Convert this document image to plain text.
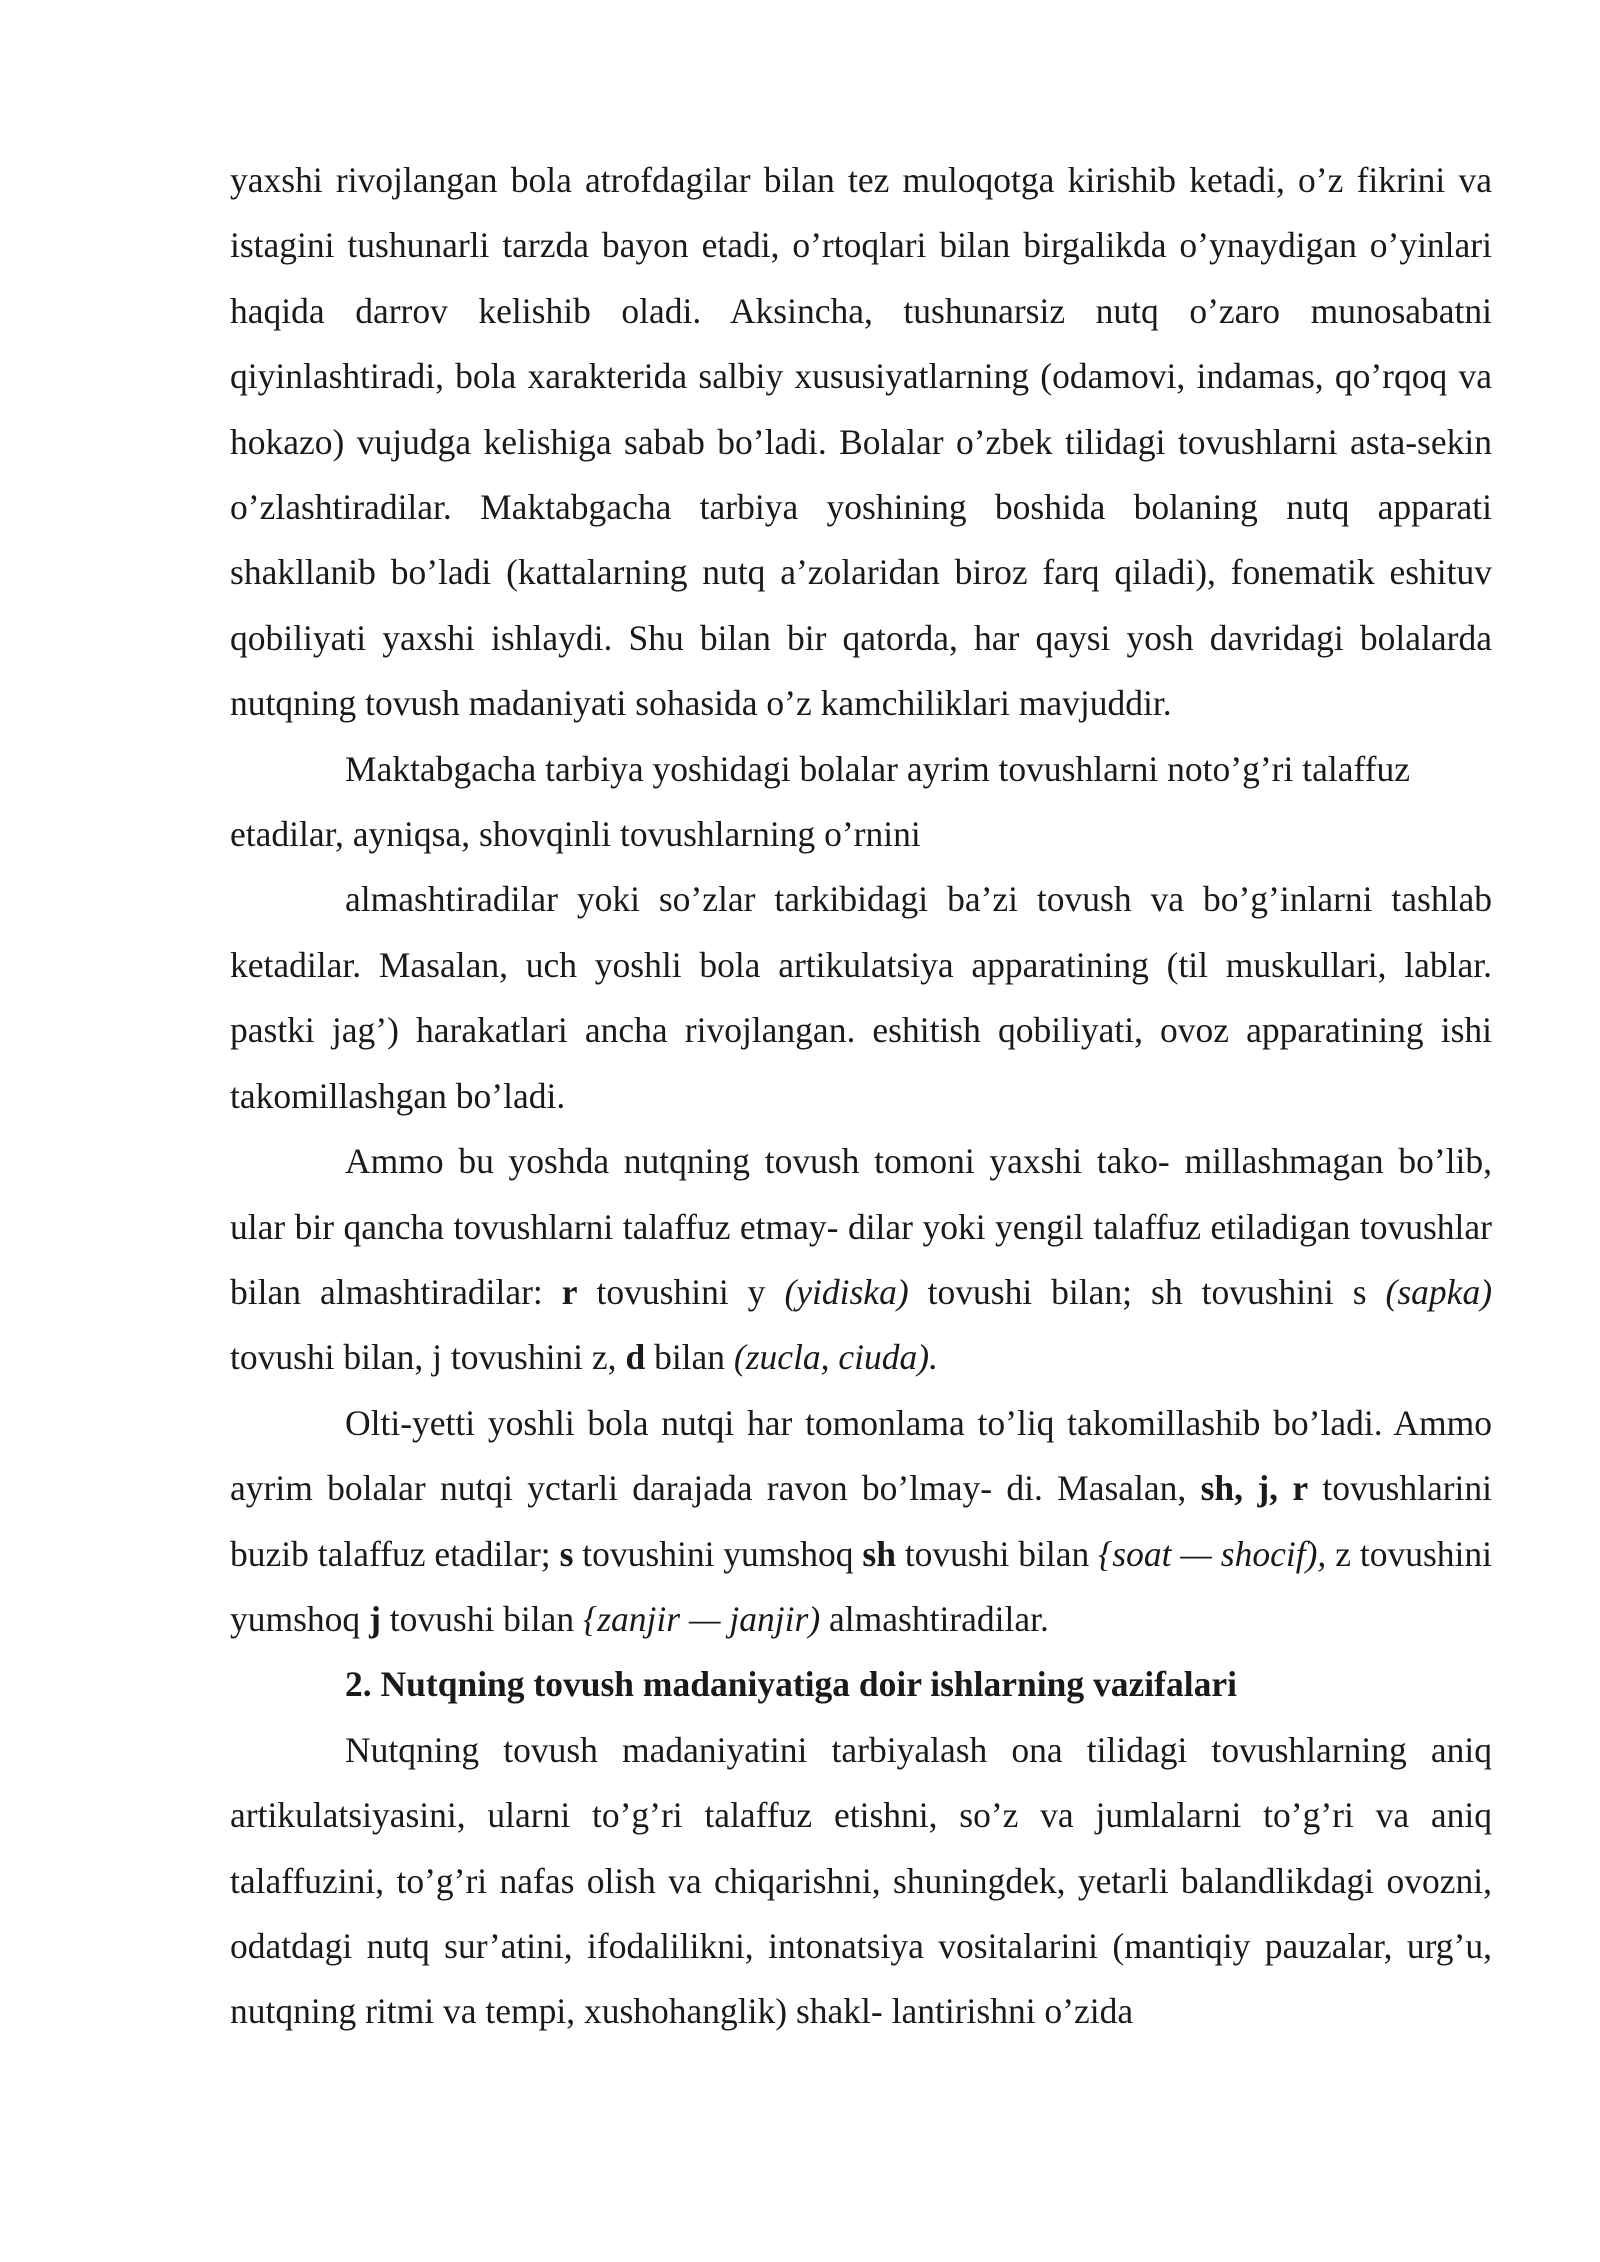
yaxshi rivojlangan bola atrofdagilar bilan tez muloqotga kirishib ketadi, o’z fikrini va istagini tushunarli tarzda bayon etadi, o’rtoqlari bilan birgalikda o’ynaydigan o’yinlari haqida darrov kelishib oladi. Aksincha, tushunarsiz nutq o’zaro munosabatni qiyinlashtiradi, bola xarakterida salbiy xususiyatlarning (odamovi, indamas, qo’rqoq va hokazo) vujudga kelishiga sabab bo’ladi. Bolalar o’zbek tilidagi tovushlarni asta-sekin o’zlashtiradilar. Maktabgacha tarbiya yoshining boshida bolaning nutq apparati shakllanib bo’ladi (kattalarning nutq a’zolaridan biroz farq qiladi), fonematik eshituv qobiliyati yaxshi ishlaydi. Shu bilan bir qatorda, har qaysi yosh davridagi bolalarda nutqning tovush madaniyati sohasida o’z kamchiliklari mavjuddir.

Maktabgacha tarbiya yoshidagi bolalar ayrim tovushlarni noto’g’ri talaffuz etadilar, ayniqsa, shovqinli tovushlarning o’rnini

almashtiradilar yoki so’zlar tarkibidagi ba’zi tovush va bo’g’inlarni tashlab ketadilar. Masalan, uch yoshli bola artikulatsiya apparatining (til muskullari, lablar. pastki jag’) harakatlari ancha rivojlangan. eshitish qobiliyati, ovoz apparatining ishi takomillashgan bo’ladi.

Ammo bu yoshda nutqning tovush tomoni yaxshi tako- millashmagan bo’lib, ular bir qancha tovushlarni talaffuz etmay- dilar yoki yengil talaffuz etiladigan tovushlar bilan almashtiradilar: r tovushini y (yidiska) tovushi bilan; sh tovushini s (sapka) tovushi bilan, j tovushini z, d bilan (zucla, ciuda).

Olti-yetti yoshli bola nutqi har tomonlama to’liq takomillashib bo’ladi. Ammo ayrim bolalar nutqi yctarli darajada ravon bo’lmay- di. Masalan, sh, j, r tovushlarini buzib talaffuz etadilar; s tovushini yumshoq sh tovushi bilan {soat — shocif), z tovushini yumshoq j tovushi bilan {zanjir — janjir) almashtiradilar.

2. Nutqning tovush madaniyatiga doir ishlarning vazifalari

Nutqning tovush madaniyatini tarbiyalash ona tilidagi tovushlarning aniq artikulatsiyasini, ularni to’g’ri talaffuz etishni, so’z va jumlalarni to’g’ri va aniq talaffuzini, to’g’ri nafas olish va chiqarishni, shuningdek, yetarli balandlikdagi ovozni, odatdagi nutq sur’atini, ifodalilikni, intonatsiya vositalarini (mantiqiy pauzalar, urg’u, nutqning ritmi va tempi, xushohanglik) shakl- lantirishni o’zida
